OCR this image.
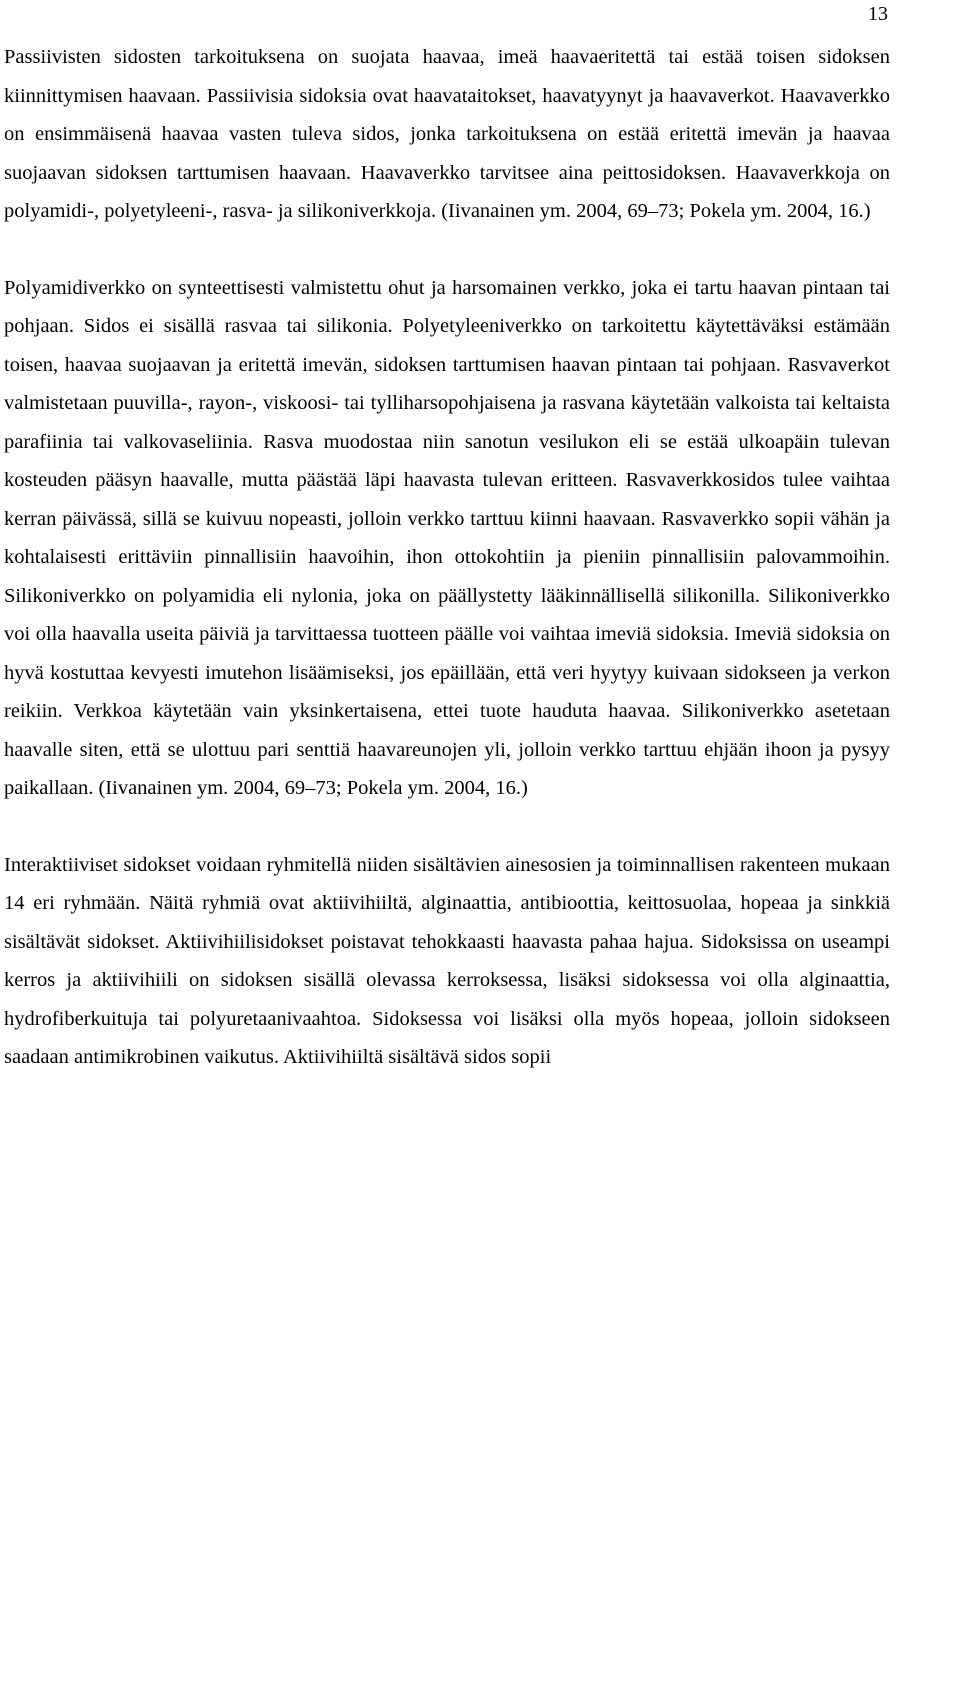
13

Passiivisten sidosten tarkoituksena on suojata haavaa, imeä haavaeritettä tai estää toisen sidoksen kiinnittymisen haavaan. Passiivisia sidoksia ovat haavataitokset, haavatyynyt ja haavaverkot. Haavaverkko on ensimmäisenä haavaa vasten tuleva sidos, jonka tarkoituksena on estää eritettä imevän ja haavaa suojaavan sidoksen tarttumisen haavaan. Haavaverkko tarvitsee aina peittosidoksen. Haavaverkkoja on polyamidi-, polyetyleeni-, rasva- ja silikoniverkkoja. (Iivanainen ym. 2004, 69–73; Pokela ym. 2004, 16.)

Polyamidiverkko on synteettisesti valmistettu ohut ja harsomainen verkko, joka ei tartu haavan pintaan tai pohjaan. Sidos ei sisällä rasvaa tai silikonia. Polyetyleeniverkko on tarkoitettu käytettäväksi estämään toisen, haavaa suojaavan ja eritettä imevän, sidoksen tarttumisen haavan pintaan tai pohjaan. Rasvaverkot valmistetaan puuvilla-, rayon-, viskoosi- tai tylliharsopohjaisena ja rasvana käytetään valkoista tai keltaista parafiinia tai valkovaseliinia. Rasva muodostaa niin sanotun vesilukon eli se estää ulkoapäin tulevan kosteuden pääsyn haavalle, mutta päästää läpi haavasta tulevan eritteen. Rasvaverkkosidos tulee vaihtaa kerran päivässä, sillä se kuivuu nopeasti, jolloin verkko tarttuu kiinni haavaan. Rasvaverkko sopii vähän ja kohtalaisesti erittäviin pinnallisiin haavoihin, ihon ottokohtiin ja pieniin pinnallisiin palovammoihin. Silikoniverkko on polyamidia eli nylonia, joka on päällystetty lääkinnällisellä silikonilla. Silikoniverkko voi olla haavalla useita päiviä ja tarvittaessa tuotteen päälle voi vaihtaa imeviä sidoksia. Imeviä sidoksia on hyvä kostuttaa kevyesti imutehon lisäämiseksi, jos epäillään, että veri hyytyy kuivaan sidokseen ja verkon reikiin. Verkkoa käytetään vain yksinkertaisena, ettei tuote hauduta haavaa. Silikoniverkko asetetaan haavalle siten, että se ulottuu pari senttiä haavareunojen yli, jolloin verkko tarttuu ehjään ihoon ja pysyy paikallaan. (Iivanainen ym. 2004, 69–73; Pokela ym. 2004, 16.)

Interaktiiviset sidokset voidaan ryhmitellä niiden sisältävien ainesosien ja toiminnallisen rakenteen mukaan 14 eri ryhmään. Näitä ryhmiä ovat aktiivihiiltä, alginaattia, antibioottia, keittosuolaa, hopeaa ja sinkkiä sisältävät sidokset. Aktiivihiilisidokset poistavat tehokkaasti haavasta pahaa hajua. Sidoksissa on useampi kerros ja aktiivihiili on sidoksen sisällä olevassa kerroksessa, lisäksi sidoksessa voi olla alginaattia, hydrofiberkuituja tai polyuretaanivaahtoa. Sidoksessa voi lisäksi olla myös hopeaa, jolloin sidokseen saadaan antimikrobinen vaikutus. Aktiivihiiltä sisältävä sidos sopii
